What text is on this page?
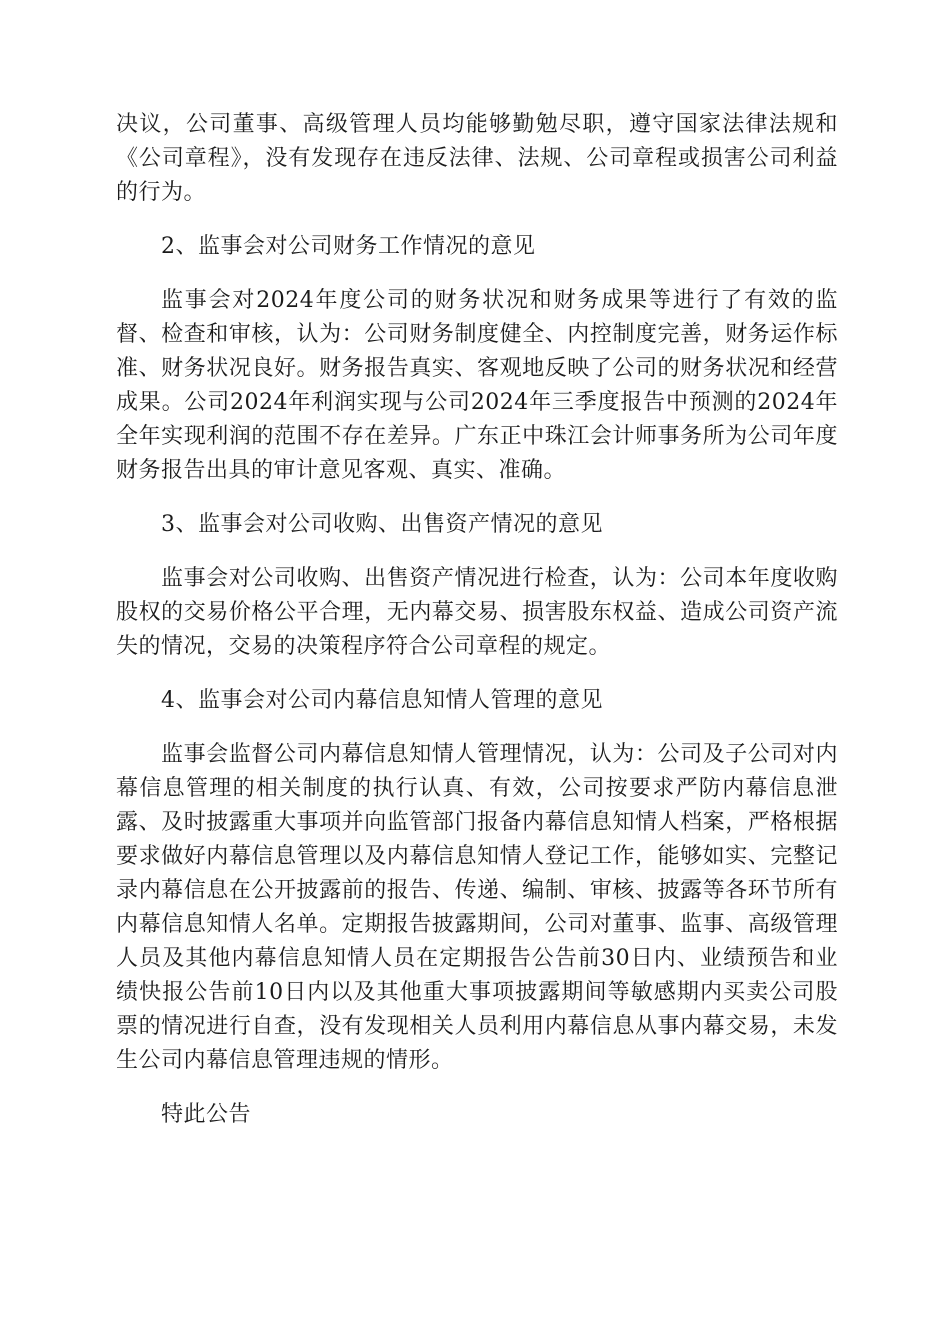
决议，公司董事、高级管理人员均能够勤勉尽职，遵守国家法律法规和《公司章程》，没有发现存在违反法律、法规、公司章程或损害公司利益的行为。

2、监事会对公司财务工作情况的意见

监事会对2024年度公司的财务状况和财务成果等进行了有效的监督、检查和审核，认为：公司财务制度健全、内控制度完善，财务运作标准、财务状况良好。财务报告真实、客观地反映了公司的财务状况和经营成果。公司2024年利润实现与公司2024年三季度报告中预测的2024年全年实现利润的范围不存在差异。广东正中珠江会计师事务所为公司年度财务报告出具的审计意见客观、真实、准确。

3、监事会对公司收购、出售资产情况的意见

监事会对公司收购、出售资产情况进行检查，认为：公司本年度收购股权的交易价格公平合理，无内幕交易、损害股东权益、造成公司资产流失的情况，交易的决策程序符合公司章程的规定。

4、监事会对公司内幕信息知情人管理的意见

监事会监督公司内幕信息知情人管理情况，认为：公司及子公司对内幕信息管理的相关制度的执行认真、有效，公司按要求严防内幕信息泄露、及时披露重大事项并向监管部门报备内幕信息知情人档案，严格根据要求做好内幕信息管理以及内幕信息知情人登记工作，能够如实、完整记录内幕信息在公开披露前的报告、传递、编制、审核、披露等各环节所有内幕信息知情人名单。定期报告披露期间，公司对董事、监事、高级管理人员及其他内幕信息知情人员在定期报告公告前30日内、业绩预告和业绩快报公告前10日内以及其他重大事项披露期间等敏感期内买卖公司股票的情况进行自查，没有发现相关人员利用内幕信息从事内幕交易，未发生公司内幕信息管理违规的情形。

特此公告
